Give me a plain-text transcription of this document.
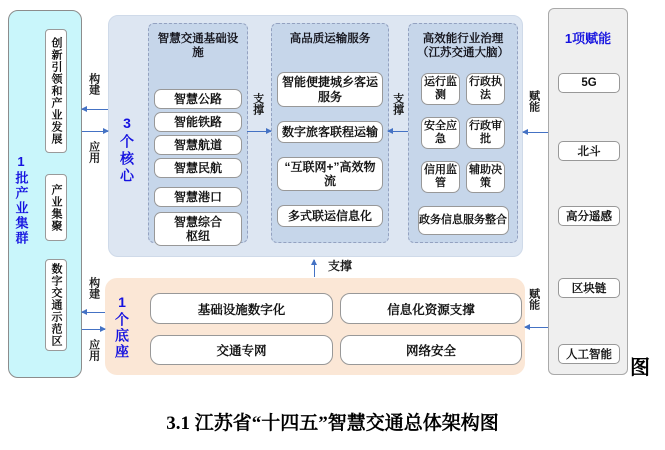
1批产业集群
创新引领和产业发展
产业集聚
数字交通示范区
3个核心
智慧交通基础设施
智慧公路
智能铁路
智慧航道
智慧民航
智慧港口
智慧综合枢纽
高品质运输服务
智能便捷城乡客运服务
数字旅客联程运输
“互联网+”高效物流
多式联运信息化
高效能行业治理
（江苏交通大脑）
运行监测
行政执法
安全应急
行政审批
信用监管
辅助决策
政务信息服务整合
1个底座	基础设施数字化	信息化资源支撑
交通专网	网络安全
1项赋能
5G
北斗
高分遥感
区块链
人工智能
构建
应用
构建
应用
支撑	支撑
支撑
赋能
赋能
图
3.1 江苏省“十四五”智慧交通总体架构图
